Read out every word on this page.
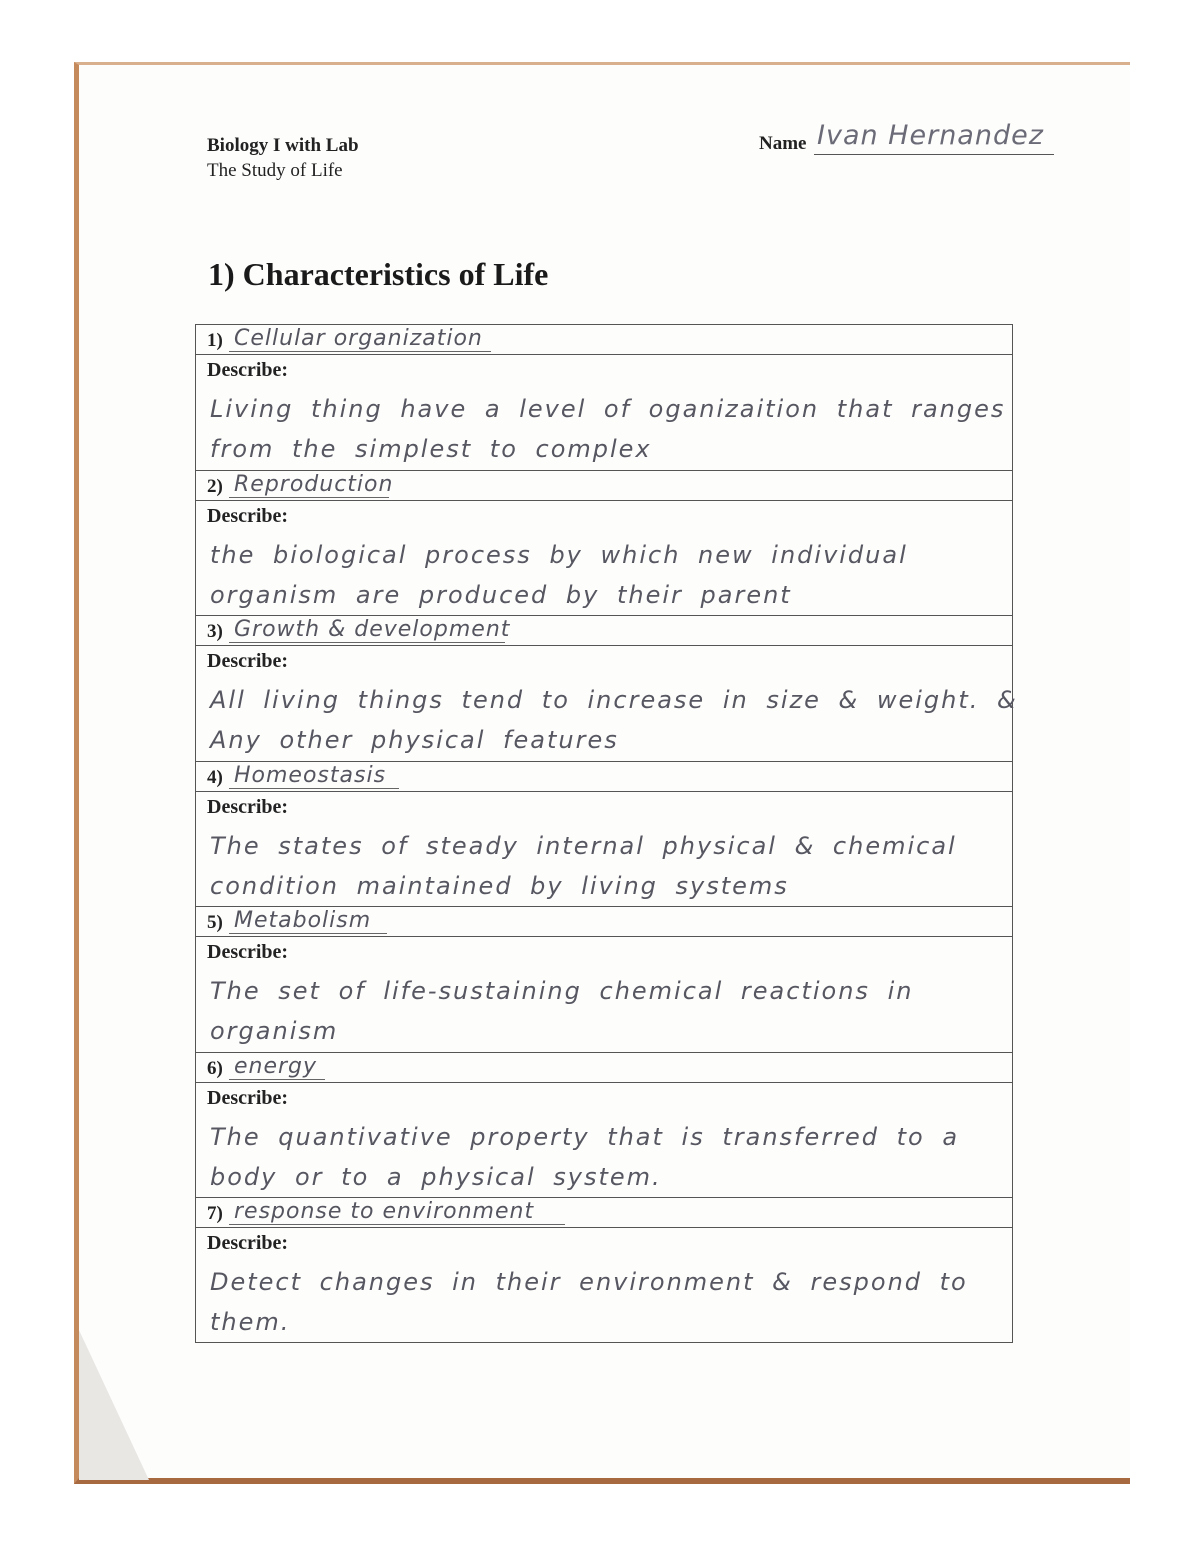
Biology I with Lab
The Study of Life
Name Ivan Hernandez
1) Characteristics of Life
1) Cellular organization
Describe:
Living thing have a level of oganizaition that ranges from the simplest to complex
2) Reproduction
Describe:
the biological process by which new individual organism are produced by their parent
3) Growth & development
Describe:
All living things tend to increase in size & weight. & Any other physical features
4) Homeostasis
Describe:
The states of steady internal physical & chemical condition maintained by living systems
5) Metabolism
Describe:
The set of life-sustaining chemical reactions in organism
6) energy
Describe:
The quantivative property that is transferred to a body or to a physical system.
7) response to environment
Describe:
Detect changes in their environment & respond to them.
